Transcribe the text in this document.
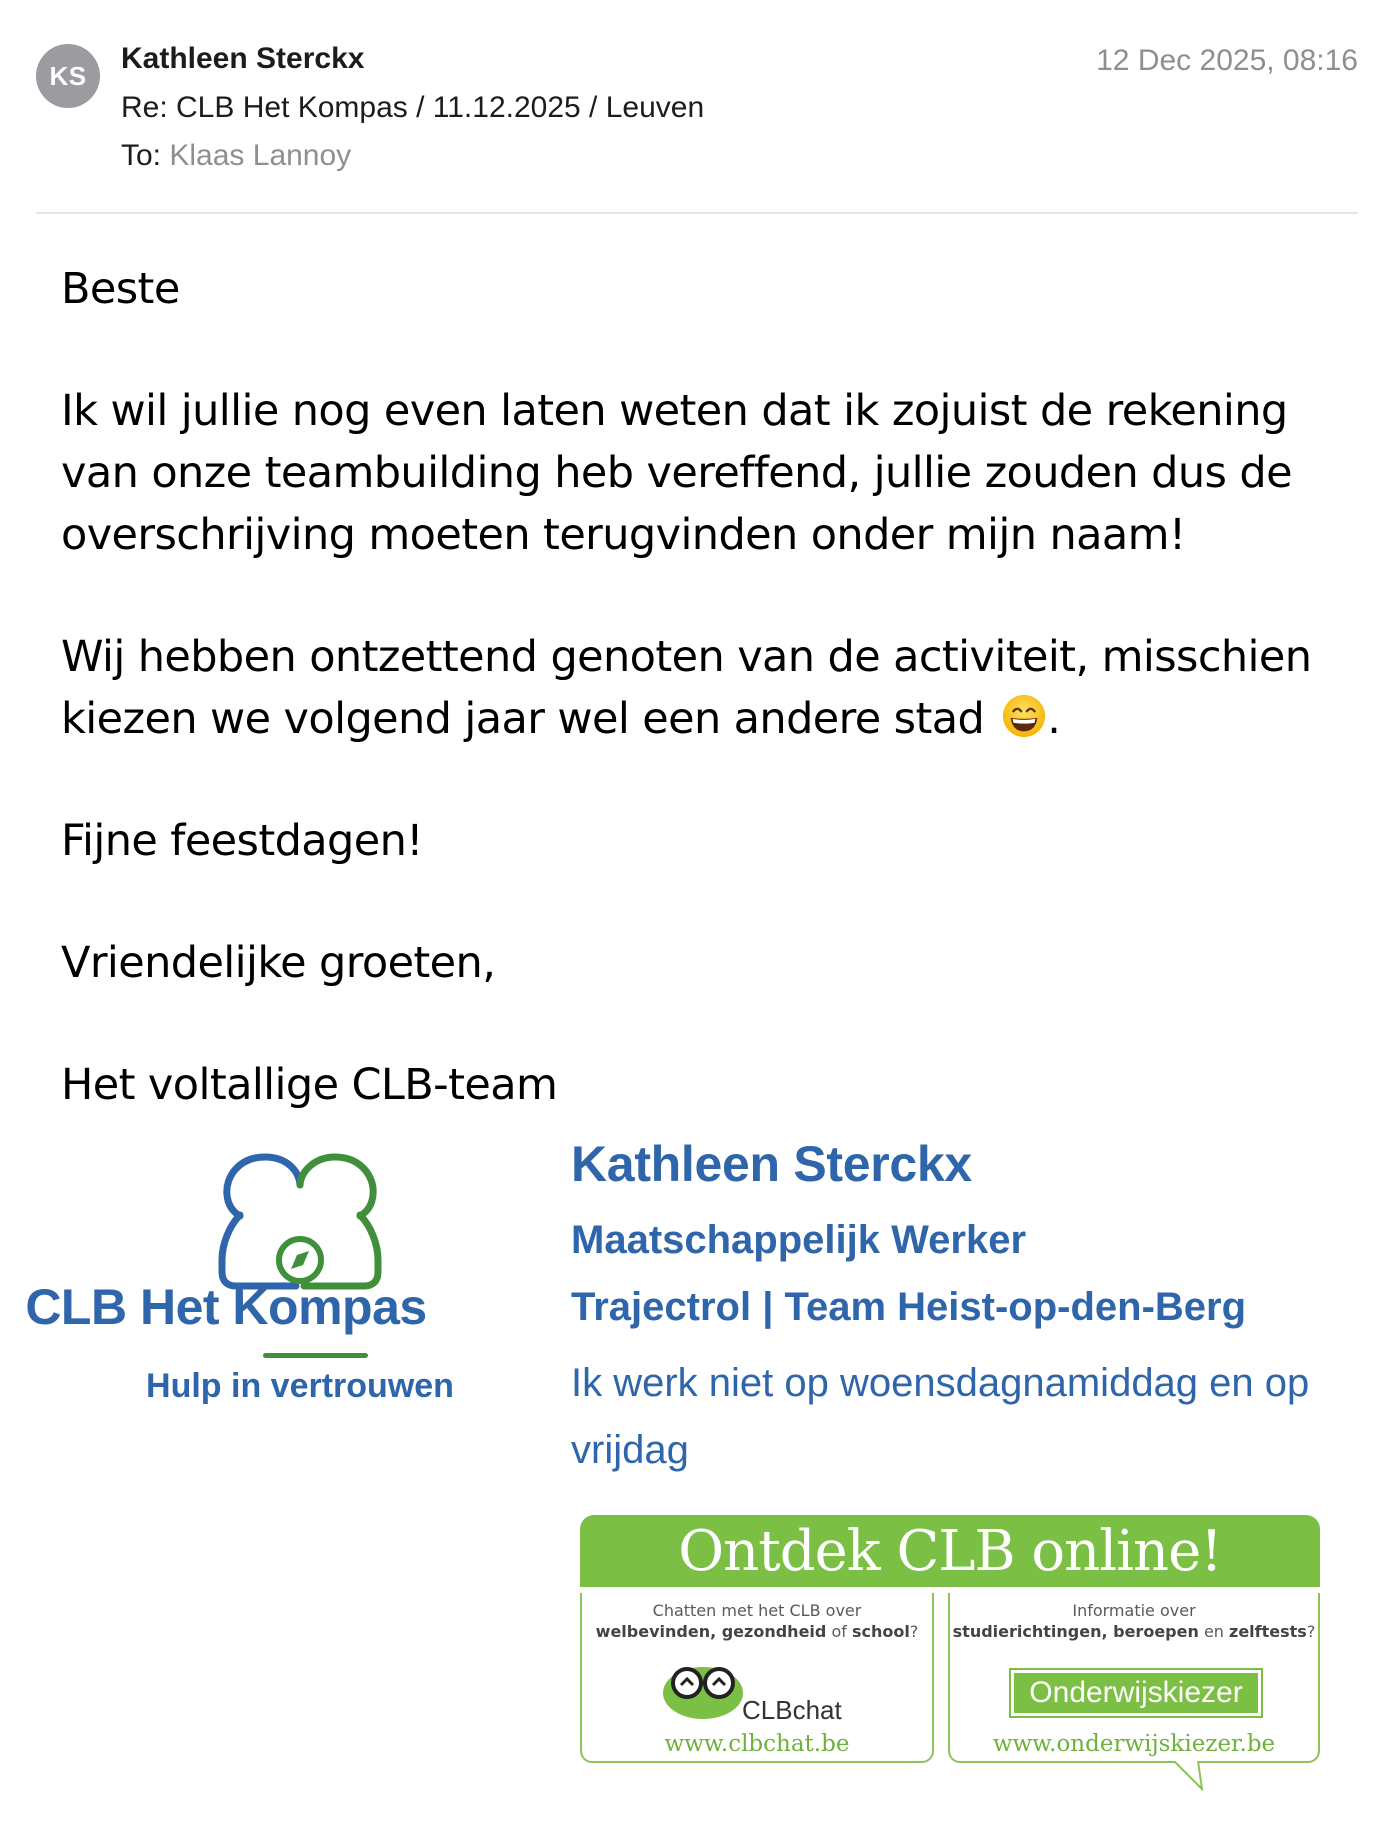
KS
Kathleen Sterckx
Re: CLB Het Kompas / 11.12.2025 / Leuven
To: Klaas Lannoy
12 Dec 2025, 08:16

Beste

Ik wil jullie nog even laten weten dat ik zojuist de rekening van onze teambuilding heb vereffend, jullie zouden dus de overschrijving moeten terugvinden onder mijn naam!

Wij hebben ontzettend genoten van de activiteit, misschien kiezen we volgend jaar wel een andere stad .

Fijne feestdagen!

Vriendelijke groeten,

Het voltallige CLB-team

CLB Het Kompas
Hulp in vertrouwen
Kathleen Sterckx
Maatschappelijk Werker
Trajectrol | Team Heist-op-den-Berg
Ik werk niet op woensdagnamiddag en op vrijdag
Ontdek CLB online!
Chatten met het CLB over
welbevinden, gezondheid of school?
CLBchat
www.clbchat.be
Informatie over
studierichtingen, beroepen en zelftests?
Onderwijskiezer
www.onderwijskiezer.be
